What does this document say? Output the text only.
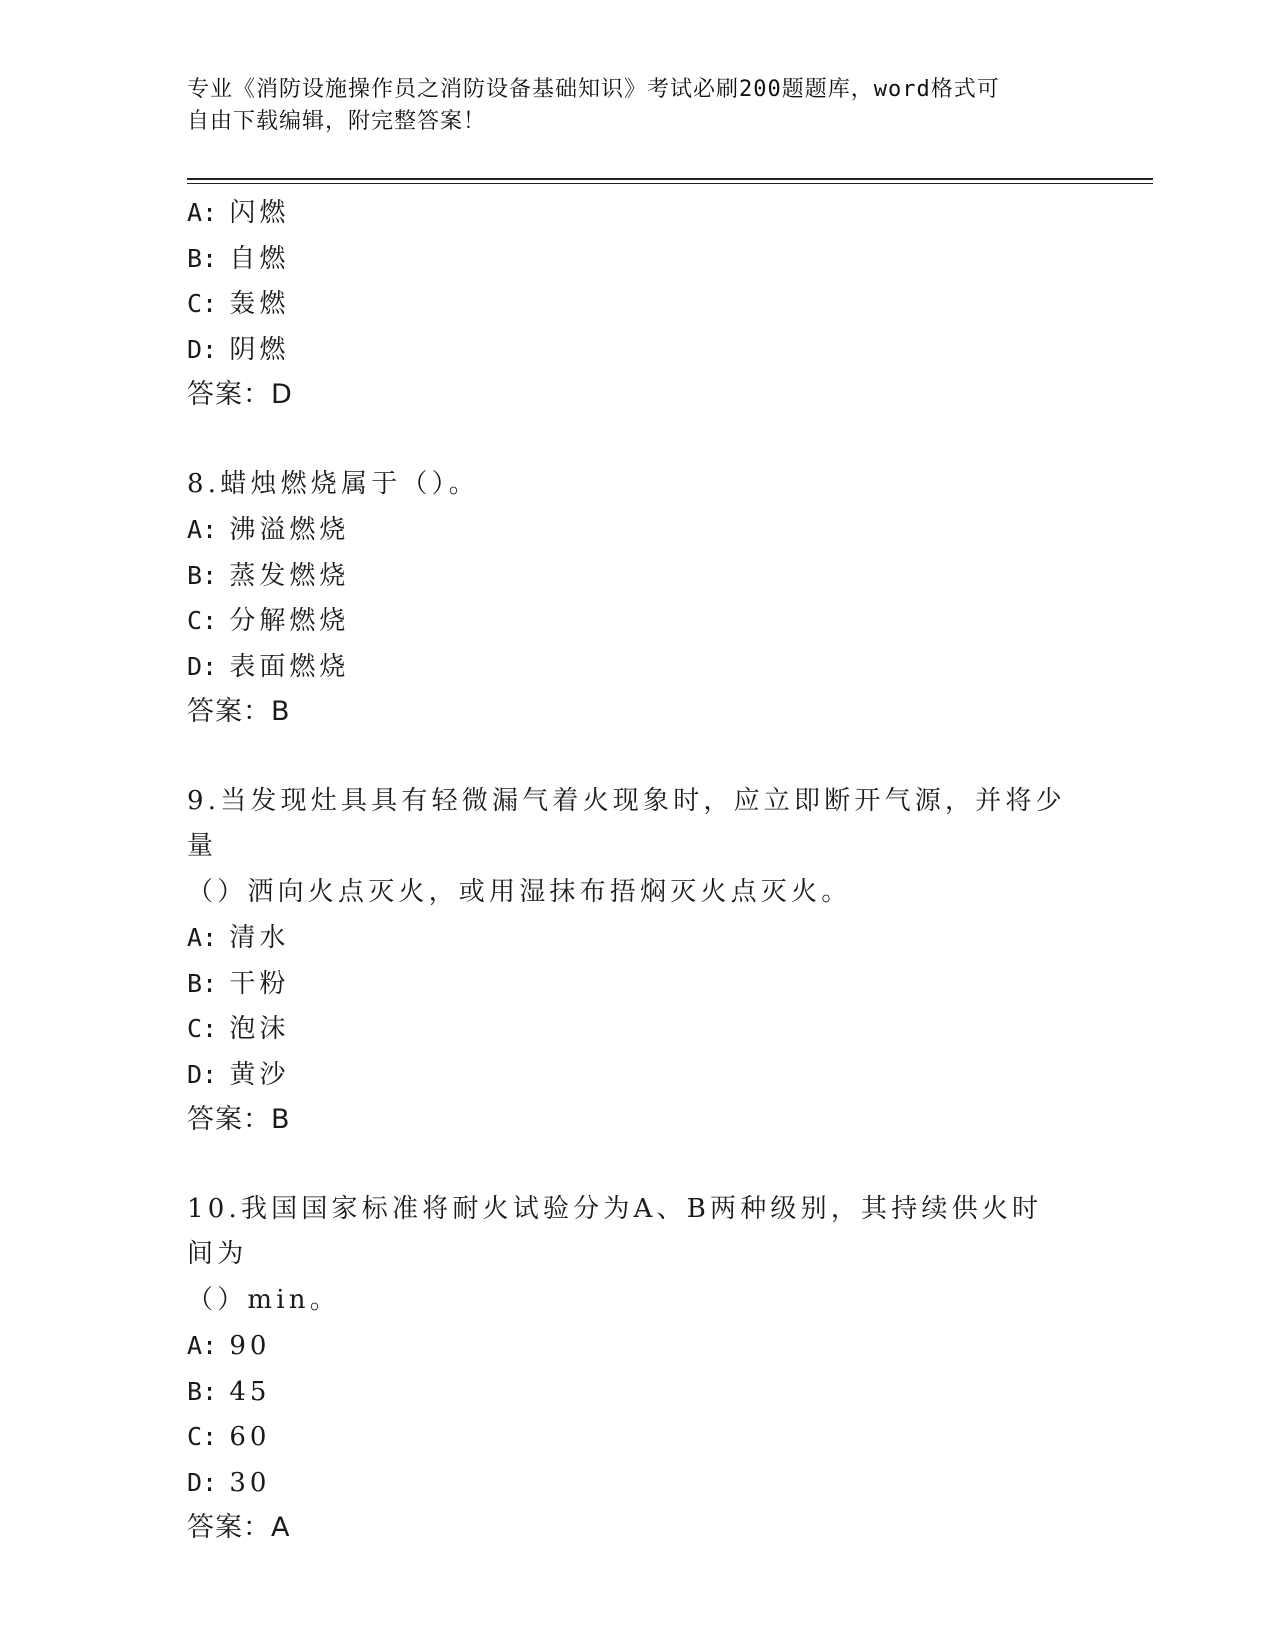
专业《消防设施操作员之消防设备基础知识》考试必刷200题题库，word格式可
自由下载编辑，附完整答案！
A: 闪燃
B: 自燃
C: 轰燃
D: 阴燃
答案：D
8.蜡烛燃烧属于（）。
A: 沸溢燃烧
B: 蒸发燃烧
C: 分解燃烧
D: 表面燃烧
答案：B
9.当发现灶具具有轻微漏气着火现象时，应立即断开气源，并将少量
（）洒向火点灭火，或用湿抹布捂焖灭火点灭火。
A: 清水
B: 干粉
C: 泡沫
D: 黄沙
答案：B
10.我国国家标准将耐火试验分为A、B两种级别，其持续供火时间为
（）min。
A: 90
B: 45
C: 60
D: 30
答案：A
